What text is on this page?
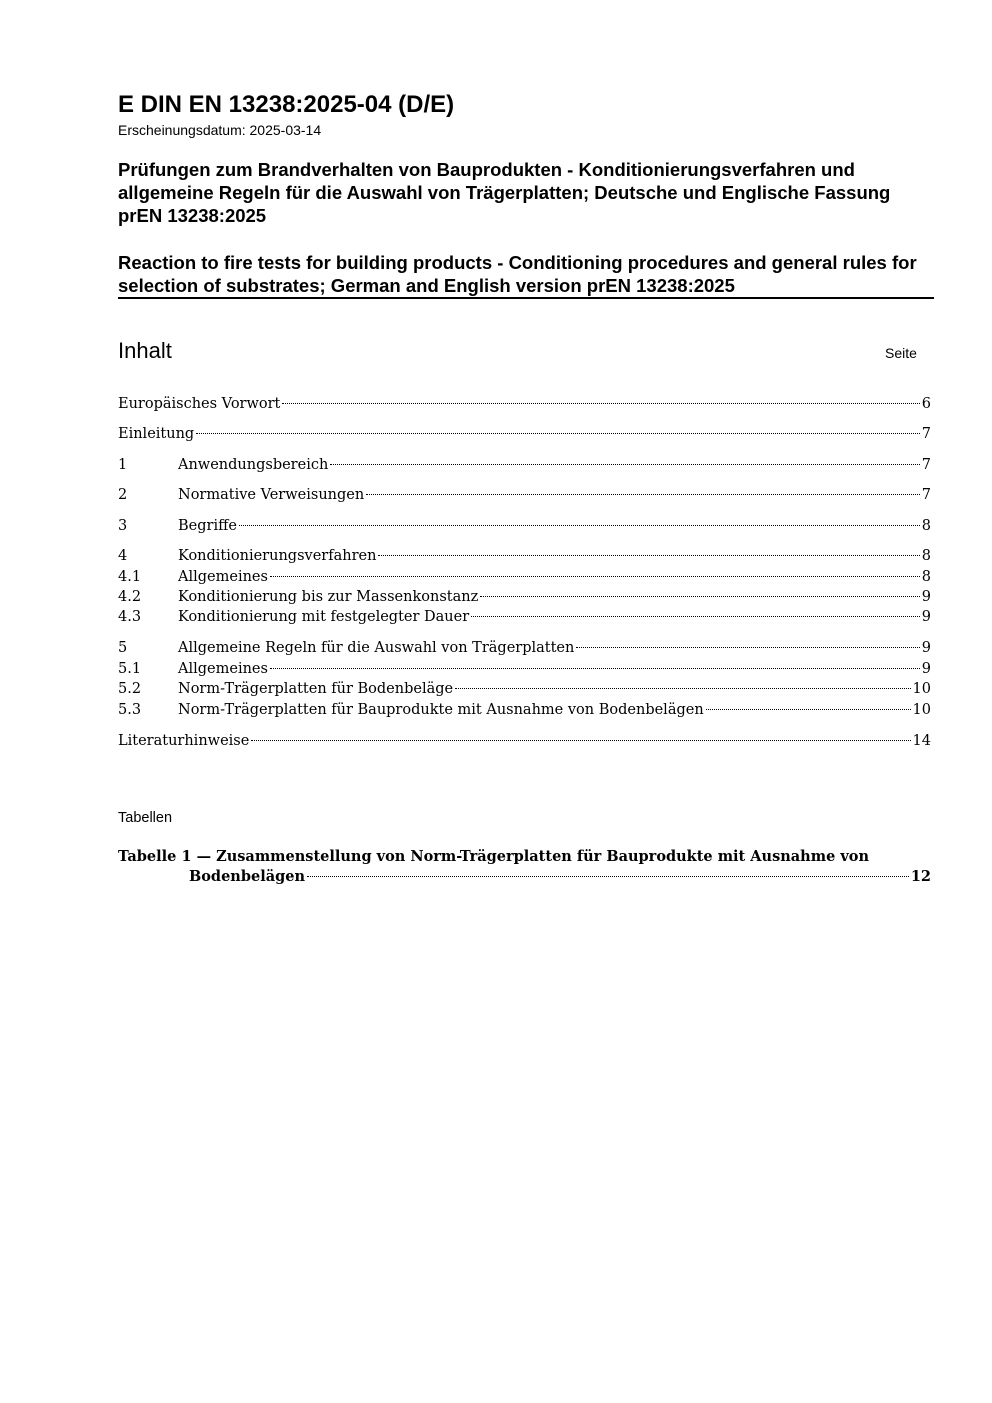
E DIN EN 13238:2025-04 (D/E)
Erscheinungsdatum: 2025-03-14
Prüfungen zum Brandverhalten von Bauprodukten - Konditionierungsverfahren und allgemeine Regeln für die Auswahl von Trägerplatten; Deutsche und Englische Fassung prEN 13238:2025
Reaction to fire tests for building products - Conditioning procedures and general rules for selection of substrates; German and English version prEN 13238:2025
Inhalt	Seite
Europäisches Vorwort	6
Einleitung	7
1	Anwendungsbereich	7
2	Normative Verweisungen	7
3	Begriffe	8
4	Konditionierungsverfahren	8
4.1	Allgemeines	8
4.2	Konditionierung bis zur Massenkonstanz	9
4.3	Konditionierung mit festgelegter Dauer	9
5	Allgemeine Regeln für die Auswahl von Trägerplatten	9
5.1	Allgemeines	9
5.2	Norm-Trägerplatten für Bodenbeläge	10
5.3	Norm-Trägerplatten für Bauprodukte mit Ausnahme von Bodenbelägen	10
Literaturhinweise	14
Tabellen
Tabelle 1 — Zusammenstellung von Norm-Trägerplatten für Bauprodukte mit Ausnahme von
Bodenbelägen	12
